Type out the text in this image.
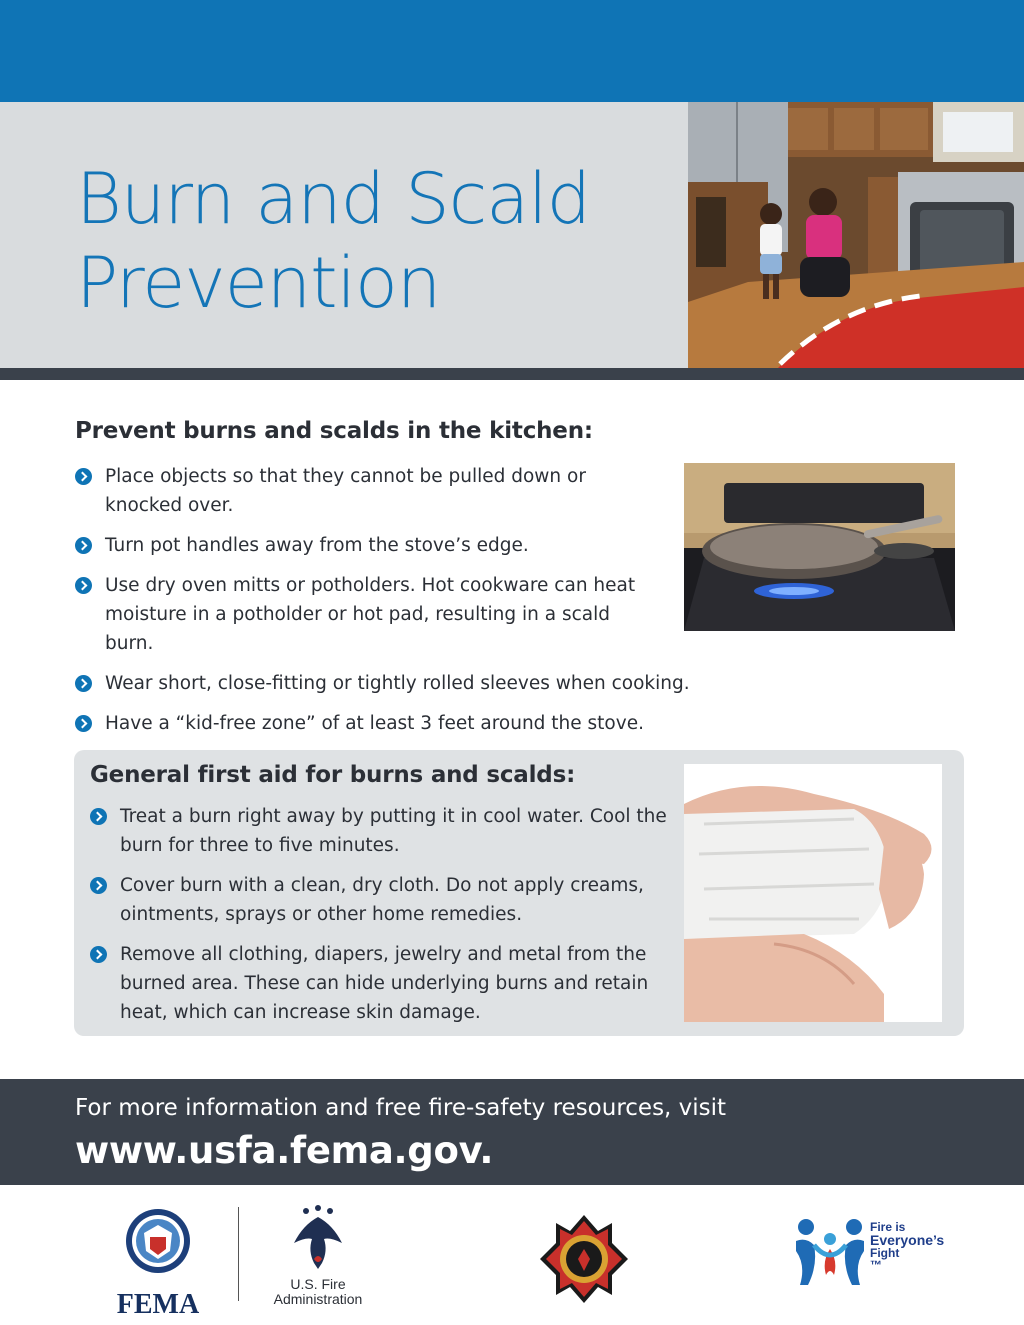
Burn and Scald
Prevention
Prevent burns and scalds in the kitchen:
Place objects so that they cannot be pulled down or knocked over.
Turn pot handles away from the stove’s edge.
Use dry oven mitts or potholders. Hot cookware can heat moisture in a potholder or hot pad, resulting in a scald burn.
Wear short, close-fitting or tightly rolled sleeves when cooking.
Have a “kid-free zone” of at least 3 feet around the stove.
General first aid for burns and scalds:
Treat a burn right away by putting it in cool water. Cool the burn for three to five minutes.
Cover burn with a clean, dry cloth. Do not apply creams, ointments, sprays or other home remedies.
Remove all clothing, diapers, jewelry and metal from the burned area. These can hide underlying burns and retain heat, which can increase skin damage.

For more information and free fire-safety resources, visit

www.usfa.fema.gov.
FEMA
U.S. Fire
Administration
Fire is
Everyone’s
Fight
™
